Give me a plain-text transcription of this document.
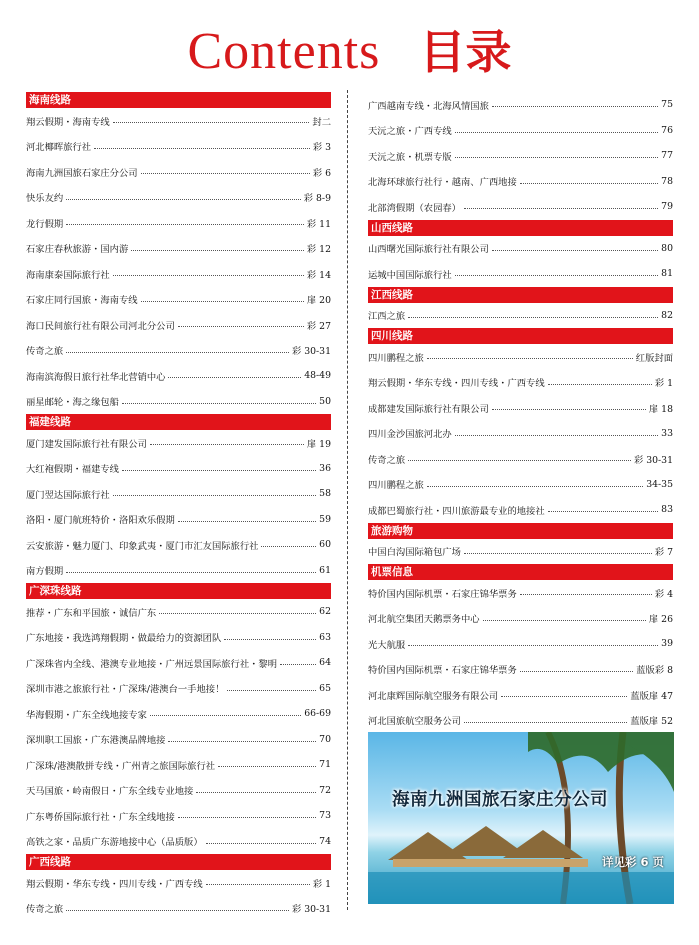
Contents 目录
海南线路
翔云假期・海南专线	封二
河北椰晖旅行社	彩 3
海南九洲国旅石家庄分公司	彩 6
快乐友约	彩 8-9
龙行假期	彩 11
石家庄春秋旅游・国内游	彩 12
海南康泰国际旅行社	彩 14
石家庄同行国旅・海南专线	扉 20
海口民间旅行社有限公司河北分公司	彩 27
传奇之旅	彩 30-31
海南滨海假日旅行社华北营销中心	48-49
丽星邮轮・海之缘包船	50
福建线路
厦门建发国际旅行社有限公司	扉 19
大红袍假期・福建专线	36
厦门翌达国际旅行社	58
洛阳・厦门航班特价・洛阳欢乐假期	59
云安旅游・魅力厦门、印象武夷・厦门市汇友国际旅行社	60
南方假期	61
广深珠线路
推荐・广东和平国旅・诚信广东	62
广东地接・我选鸿翔假期・做最给力的资源团队	63
广深珠省内全线、港澳专业地接・广州远景国际旅行社・黎明	64
深圳市港之旅旅行社・广深珠/港澳台一手地接！	65
华海假期・广东全线地接专家	66-69
深圳职工国旅・广东港澳品牌地接	70
广深珠/港澳散拼专线・广州青之旅国际旅行社	71
天马国旅・岭南假日・广东全线专业地接	72
广东粤侨国际旅行社・广东全线地接	73
高铁之家・品质广东游地接中心（品质版）	74
广西线路
翔云假期・华东专线・四川专线・广西专线	彩 1
传奇之旅	彩 30-31
广西越南专线・北海风情国旅	75
天沅之旅・广西专线	76
天沅之旅・机票专版	77
北海环球旅行社行・越南、广西地接	78
北部湾假期（农园春）	79
山西线路
山西曙光国际旅行社有限公司	80
运城中国国际旅行社	81
江西线路
江西之旅	82
四川线路
四川鹏程之旅	红版封面
翔云假期・华东专线・四川专线・广西专线	彩 1
成都建发国际旅行社有限公司	扉 18
四川金沙国旅河北办	33
传奇之旅	彩 30-31
四川鹏程之旅	34-35
成都巴蜀旅行社・四川旅游最专业的地接社	83
旅游购物
中国白沟国际箱包广场	彩 7
机票信息
特价国内国际机票・石家庄锦华票务	彩 4
河北航空集团天鹅票务中心	扉 26
光大航服	39
特价国内国际机票・石家庄锦华票务	蓝版彩 8
河北康辉国际航空服务有限公司	蓝版扉 47
河北国旅航空服务公司	蓝版扉 52
海南九洲国旅石家庄分公司
详见彩 6 页
